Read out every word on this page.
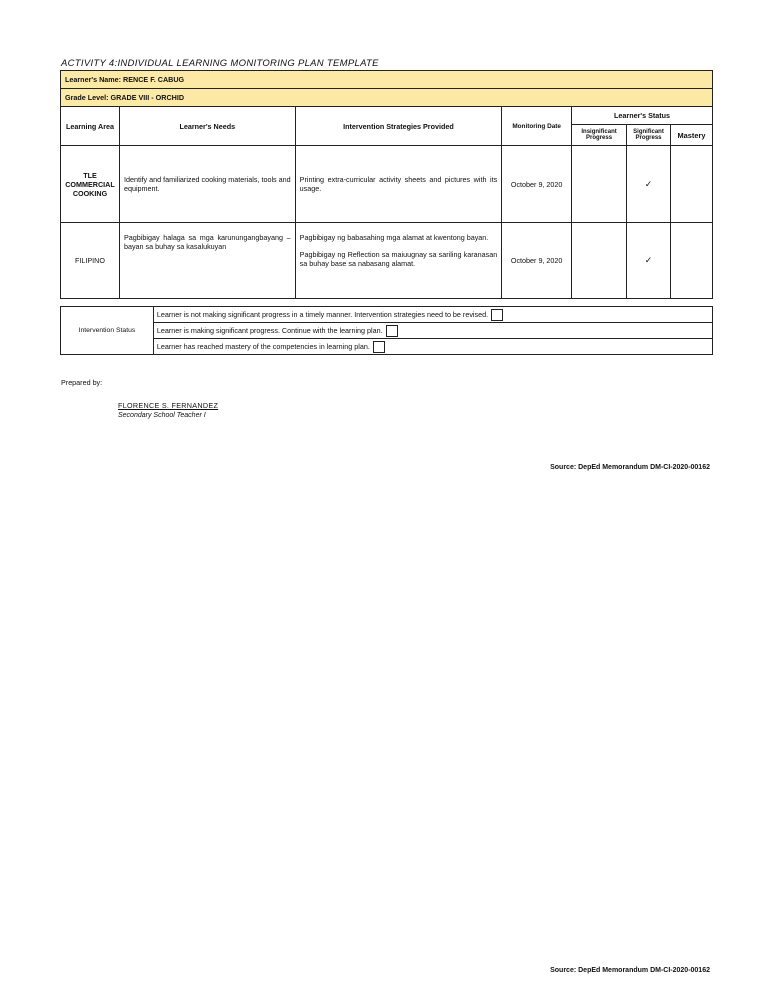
ACTIVITY 4:INDIVIDUAL LEARNING MONITORING PLAN TEMPLATE
Learner's Name: RENCE F. CABUG						
Grade Level: GRADE VIII - ORCHID						
Learning Area	Learner's Needs	Intervention Strategies Provided	Monitoring Date	Learner's Status		
				Insignificant Progress	Significant Progress	Mastery

TLE COMMERCIAL COOKING	Identify and familiarized cooking materials, tools and equipment.	Printing extra-curricular activity sheets and pictures with its usage.	October 9, 2020		✓	
FILIPINO	Pagbibigay halaga sa mga karunungangbayang – bayan sa buhay sa kasalukuyan	Pagbibigay ng babasahing mga alamat at kwentong bayan.
Pagbibigay ng Reflection sa maiuugnay sa sariling karanasan sa buhay base sa nabasang alamat.	October 9, 2020		✓	
Intervention Status	Learner is not making significant progress in a timely manner. Intervention strategies need to be revised.
Learner is making significant progress. Continue with the learning plan.
Learner has reached mastery of the competencies in learning plan.
Prepared by:
FLORENCE S. FERNANDEZ
Secondary School Teacher I
Source: DepEd Memorandum DM-CI-2020-00162
Source: DepEd Memorandum DM-CI-2020-00162
